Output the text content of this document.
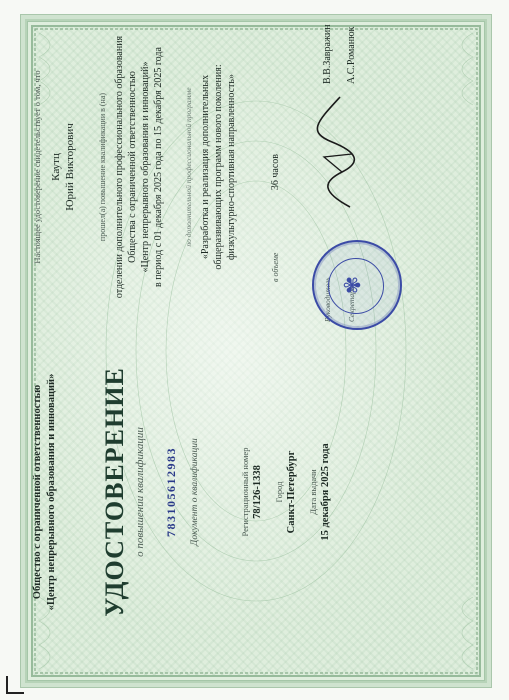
Общество с ограниченной ответственностью «Центр непрерывного образования и инноваций» УДОСТОВЕРЕНИЕ о повышении квалификации 783105612983 Документ о квалификации	Регистрационный номер 78/126-1338 Город Санкт-Петербург Дата выдачи 15 декабря 2025 года
Настоящее удостоверение свидетельствует о том, что Каутц Юрий Викторович	прошел(а) повышение квалификации в (на) отделении дополнительного профессионального образования Общества с ограниченной ответственностью «Центр непрерывного образования и инноваций» в период с 01 декабря 2025 года по 15 декабря 2025 года	по дополнительной профессиональной программе «Разработка и реализация дополнительных общеразвивающих программ нового поколения: физкультурно-спортивная направленность»
в объеме 36 часов
Руководитель
В.В.Завражин
Секретарь
А.С.Романюк
✾
